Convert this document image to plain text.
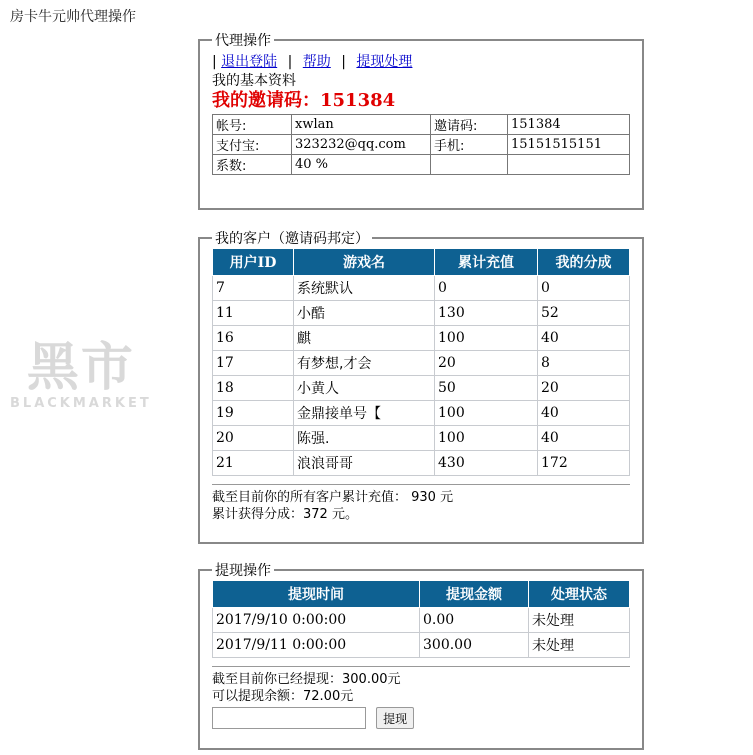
房卡牛元帅代理操作
黑市
BLACKMARKET
代理操作
| 退出登陆 | 帮助 | 提现处理
我的基本资料
我的邀请码：151384
帐号:	xwlan	邀请码:	151384
支付宝:	323232@qq.com	手机:	15151515151
系数:	40 %		
我的客户（邀请码邦定）
用户ID	游戏名	累计充值	我的分成
7	系统默认	0	0
11	小酷	130	52
16	麒	100	40
17	有梦想,才会	20	8
18	小黄人	50	20
19	金鼎接单号【	100	40
20	陈强.	100	40
21	浪浪哥哥	430	172
截至目前你的所有客户累计充值： 930 元
累计获得分成：372 元。
提现操作
提现时间	提现金额	处理状态
2017/9/10 0:00:00	0.00	未处理
2017/9/11 0:00:00	300.00	未处理
截至目前你已经提现：300.00元
可以提现余额：72.00元
提现
